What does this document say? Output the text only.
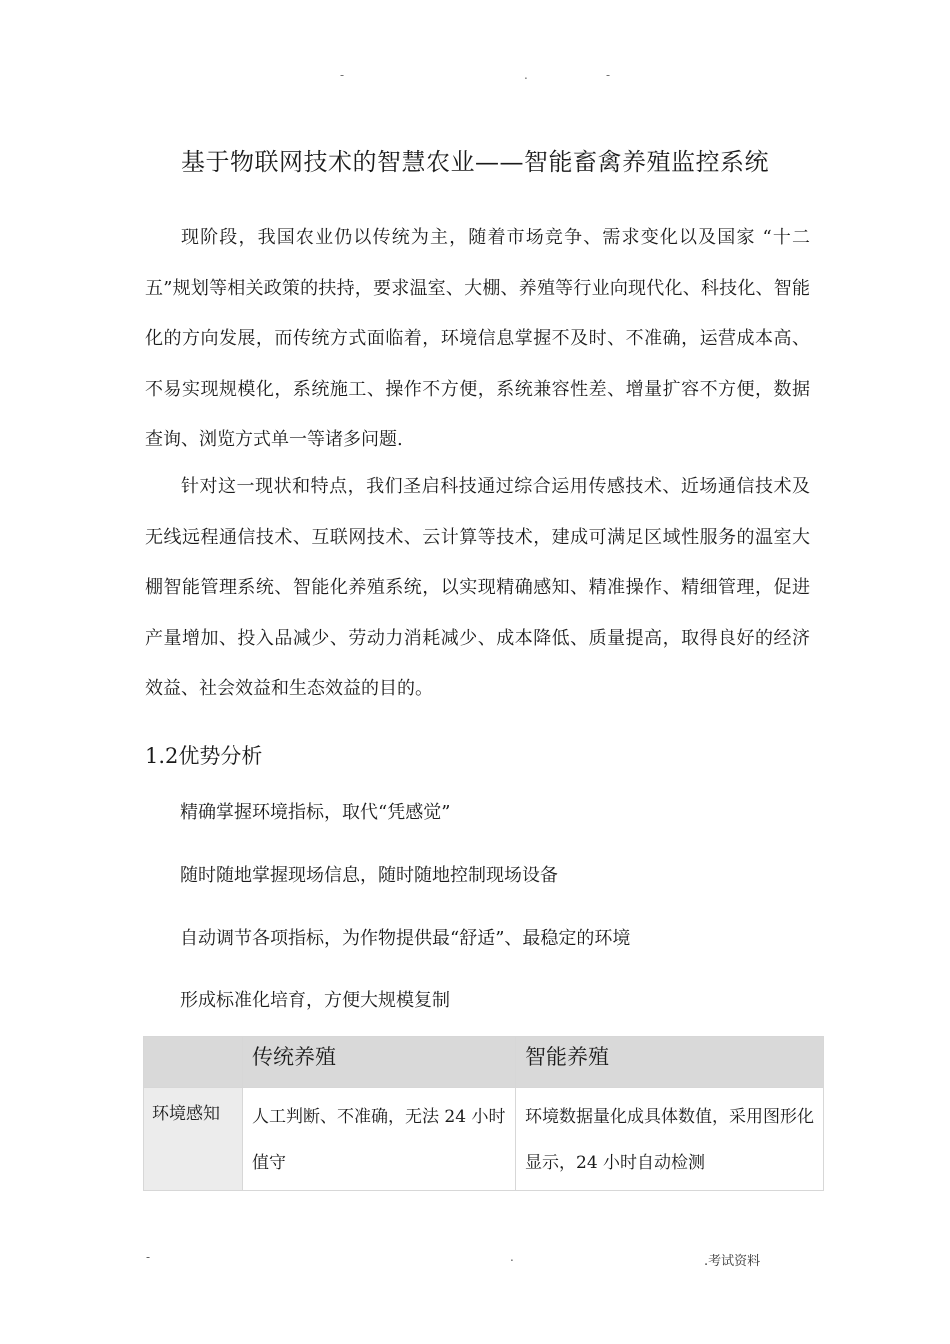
-	.	-
基于物联网技术的智慧农业——智能畜禽养殖监控系统

现阶段，我国农业仍以传统为主，随着市场竞争、需求变化以及国家 “十二五”规划等相关政策的扶持，要求温室、大棚、养殖等行业向现代化、科技化、智能化的方向发展，而传统方式面临着，环境信息掌握不及时、不准确，运营成本高、不易实现规模化，系统施工、操作不方便，系统兼容性差、增量扩容不方便，数据查询、浏览方式单一等诸多问题.

针对这一现状和特点，我们圣启科技通过综合运用传感技术、近场通信技术及无线远程通信技术、互联网技术、云计算等技术，建成可满足区域性服务的温室大棚智能管理系统、智能化养殖系统，以实现精确感知、精准操作、精细管理，促进产量增加、投入品减少、劳动力消耗减少、成本降低、质量提高，取得良好的经济效益、社会效益和生态效益的目的。

1.2优势分析
精确掌握环境指标，取代“凭感觉”
随时随地掌握现场信息，随时随地控制现场设备
自动调节各项指标，为作物提供最“舒适”、最稳定的环境
形成标准化培育，方便大规模复制
	传统养殖	智能养殖
环境感知	人工判断、不准确，无法 24 小时值守	环境数据量化成具体数值，采用图形化显示，24 小时自动检测
-	.	.考试资料
